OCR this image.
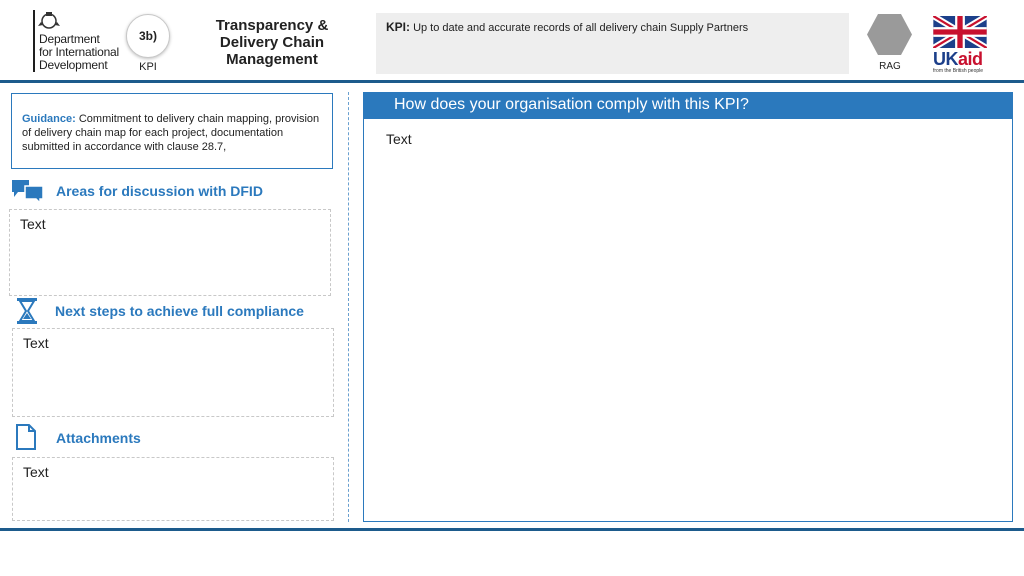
Department
for International
Development
3b)
KPI
Transparency & Delivery Chain Management
KPI: Up to date and accurate records of all delivery chain Supply Partners
RAG	UKaid
from the British people
Guidance: Commitment to delivery chain mapping, provision of delivery chain map for each project, documentation submitted in accordance with clause 28.7,
Areas for discussion with DFID
Text
Next steps to achieve full compliance
Text
Attachments
Text
How does your organisation comply with this KPI?
Text
